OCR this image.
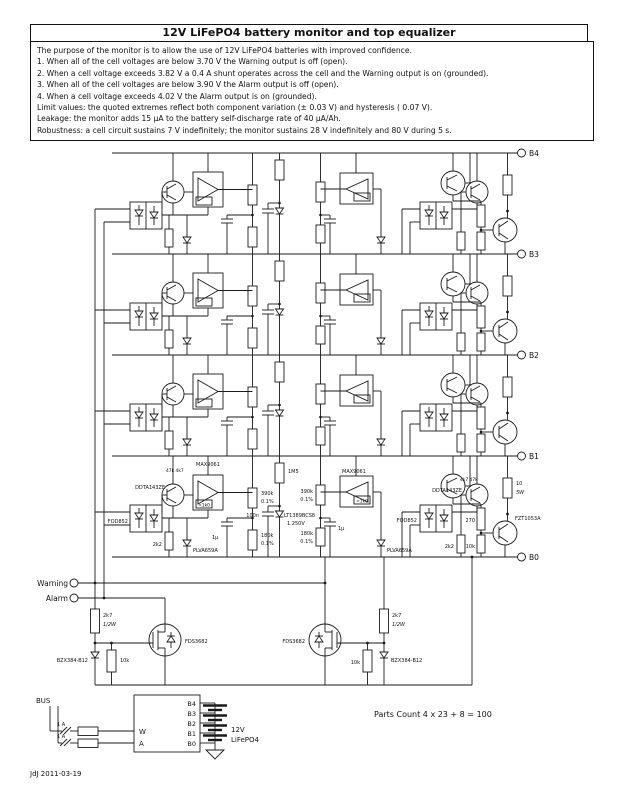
12V LiFePO4 battery monitor and top equalizer
The purpose of the monitor is to allow the use of 12V LiFePO4 batteries with improved confidence.
1. When all of the cell voltages are below 3.70 V the Warning output is off (open).
2. When a cell voltage exceeds 3.82 V a 0.4 A shunt operates across the cell and the Warning output is on (grounded).
3. When all of the cell voltages are below 3.90 V the Alarm output is off (open).
4. When a cell voltage exceeds 4.02 V the Alarm output is on (grounded).
Limit values: the quoted extremes reflect both component variation (± 0.03 V) and hysteresis ( 0.07 V).
Leakage: the monitor adds 15 µA to the battery self-discharge rate of 40 µA/Ah.
Robustness: a cell circuit sustains 7 V indefinitely; the monitor sustains 28 V indefinitely and 80 V during 5 s.
B4
B3
B2
B1
B0
DDTA143ZE
47k 4k7
MAX9061
<1k0
FOD852
2k2
PLVA659A
1µ
390k
0.1%
180k
0.1%
100n
1M5
LT1389BCS8
1.250V
390k
0.1%
180k
0.1%
1µ
MAX9061
<1k0
PLVA659A
FOD852
DDTA143ZE
4k7 47k
270
2k2 10k
10
5W
FZT1053A
Warning
Alarm
2k7
1/2W
BZX384-B12	10k
FDS3682	FDS3682
2k7
1/2W
10k	BZX384-B12
BUS
1 A
1 A
W
A
B4
B3
B2
B1
B0
12V
LiFePO4
Parts Count 4 x 23 + 8 = 100
JdJ 2011-03-19
